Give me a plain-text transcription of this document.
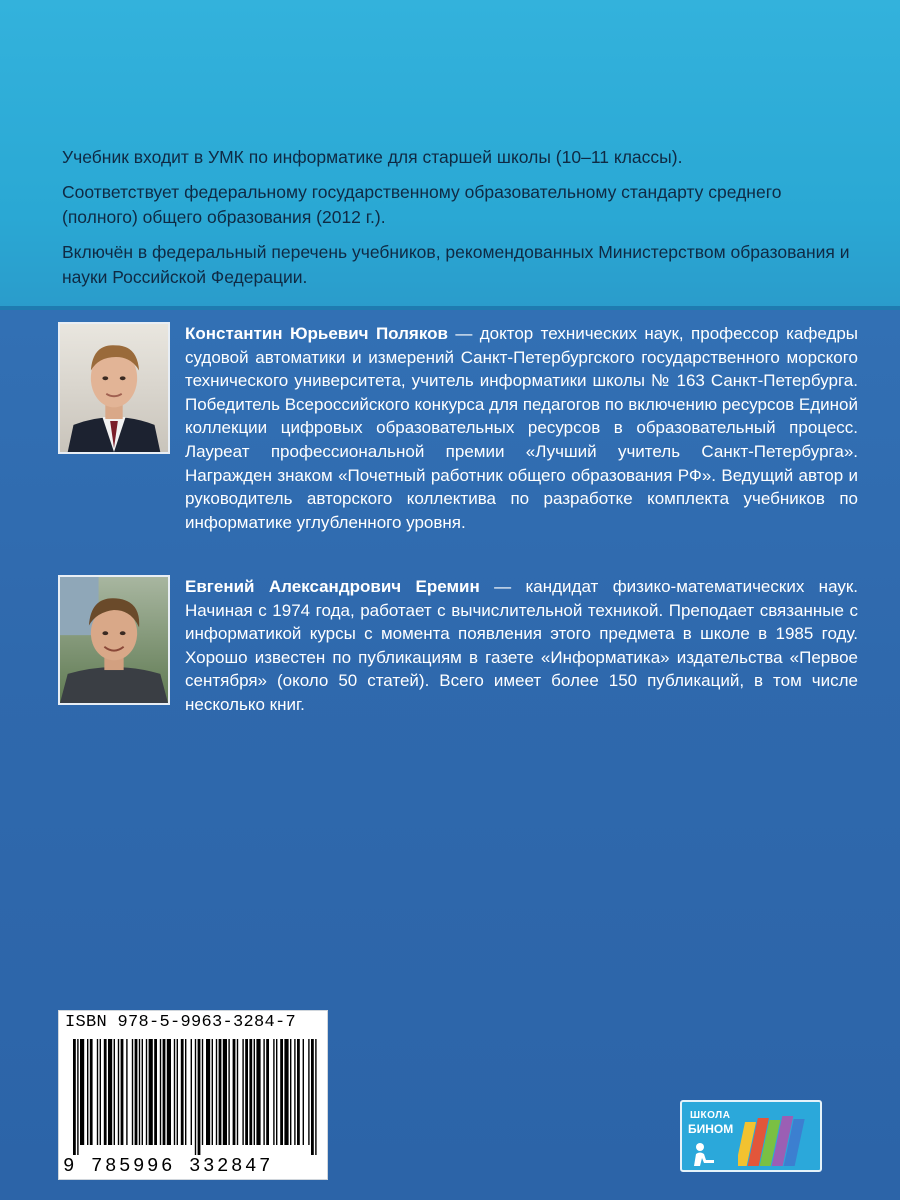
Учебник входит в УМК по информатике для старшей школы (10–11 классы).

Соответствует федеральному государственному образовательному стандарту среднего (полного) общего образования (2012 г.).

Включён в федеральный перечень учебников, рекомендованных Министерством образования и науки Российской Федерации.

Константин Юрьевич Поляков — доктор технических наук, профессор кафедры судовой автоматики и измерений Санкт-Петербургского государственного морского технического университета, учитель информатики школы № 163 Санкт-Петербурга. Победитель Всероссийского конкурса для педагогов по включению ресурсов Единой коллекции цифровых образовательных ресурсов в образовательный процесс. Лауреат профессиональной премии «Лучший учитель Санкт-Петербурга». Награжден знаком «Почетный работник общего образования РФ». Ведущий автор и руководитель авторского коллектива по разработке комплекта учебников по информатике углубленного уровня.
Евгений Александрович Еремин — кандидат физико-математических наук. Начиная с 1974 года, работает с вычислительной техникой. Преподает связанные с информатикой курсы с момента появления этого предмета в школе в 1985 году. Хорошо известен по публикациям в газете «Информатика» издательства «Первое сентября» (около 50 статей). Всего имеет более 150 публикаций, в том числе несколько книг.
ISBN 978-5-9963-3284-7
9 785996 332847
ШКОЛА
БИНОМ
